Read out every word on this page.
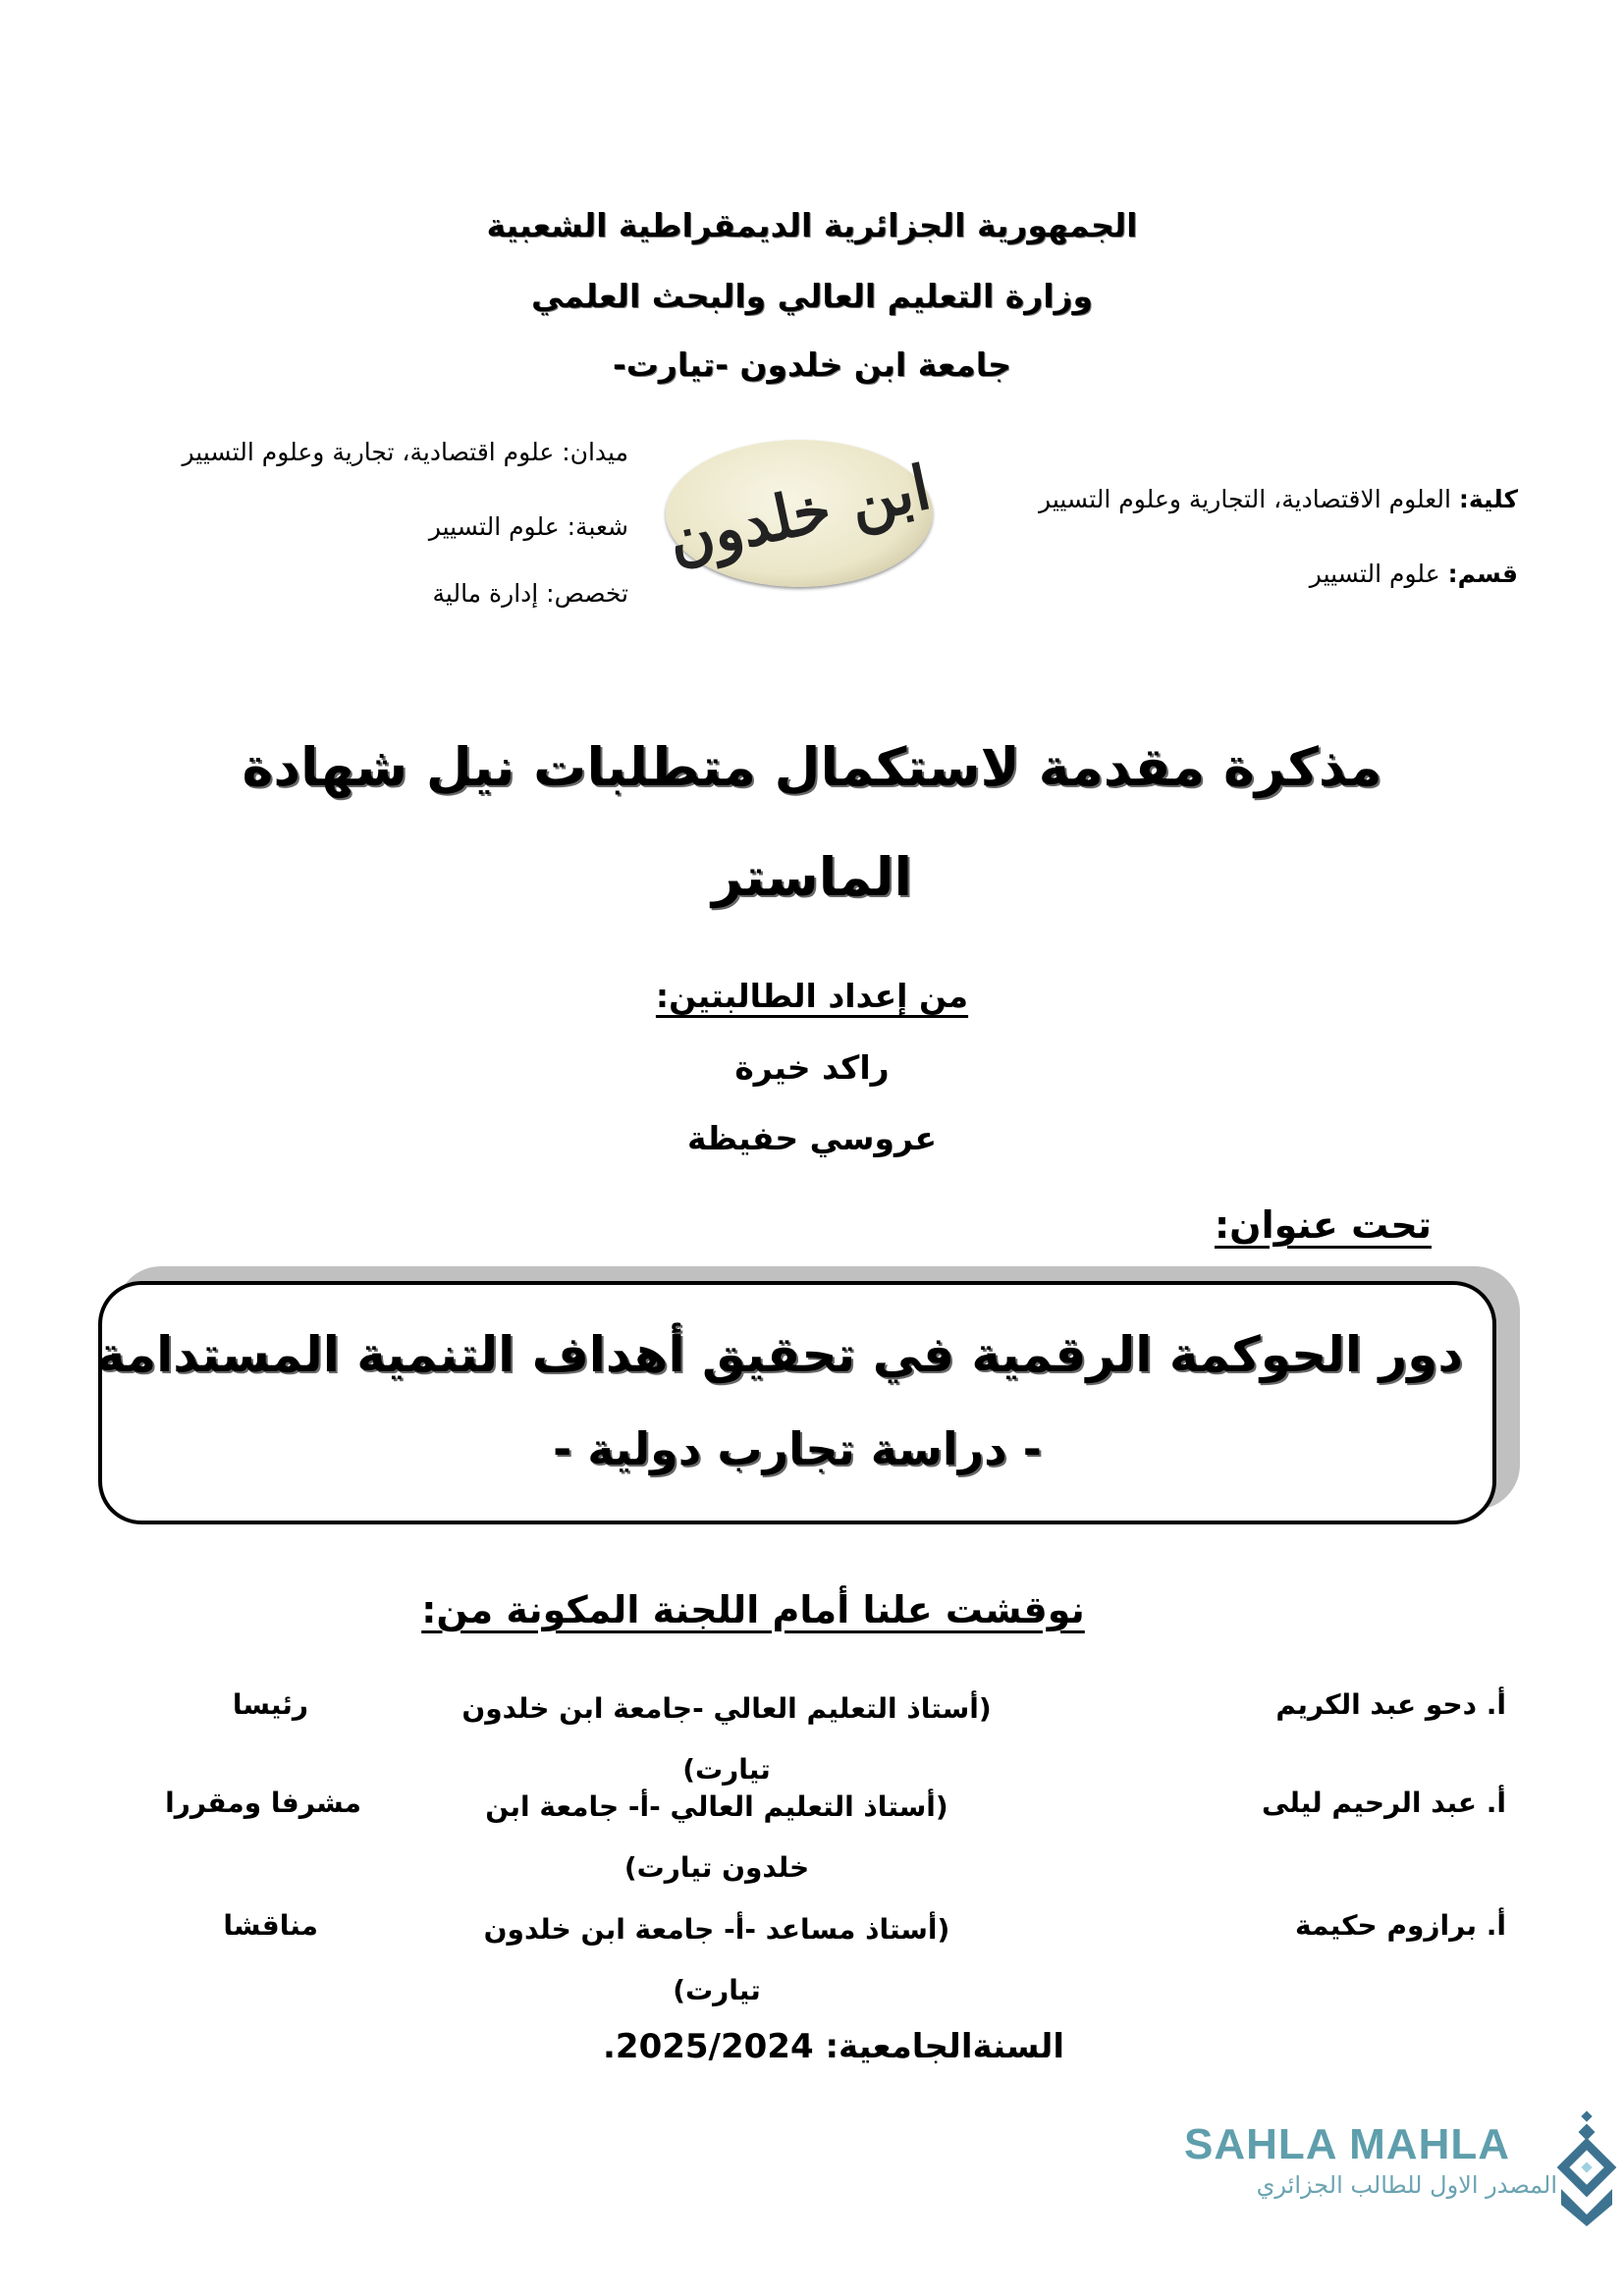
الجمهورية الجزائرية الديمقراطية الشعبية
وزارة التعليم العالي والبحث العلمي
جامعة ابن خلدون -تيارت-
كلية: العلوم الاقتصادية، التجارية وعلوم التسيير
قسم: علوم التسيير
ابن خلدون
ميدان: علوم اقتصادية، تجارية وعلوم التسيير
شعبة: علوم التسيير
تخصص: إدارة مالية
مذكرة مقدمة لاستكمال متطلبات نيل شهادة
الماستر
من إعداد الطالبتين:
راكد خيرة
عروسي حفيظة
تحت عنوان:
دور الحوكمة الرقمية في تحقيق أهداف التنمية المستدامة
- دراسة تجارب دولية -
نوقشت علنا أمام اللجنة المكونة من:
أ. دحو عبد الكريم
(أستاذ التعليم العالي -جامعة ابن خلدون تيارت)
رئيسا
أ. عبد الرحيم ليلى
(أستاذ التعليم العالي -أ- جامعة ابن خلدون تيارت)
مشرفا ومقررا
أ. برازوم حكيمة
(أستاذ مساعد -أ- جامعة ابن خلدون تيارت)
مناقشا
السنةالجامعية: 2025/2024.
SAHLA MAHLA
المصدر الاول للطالب الجزائري
